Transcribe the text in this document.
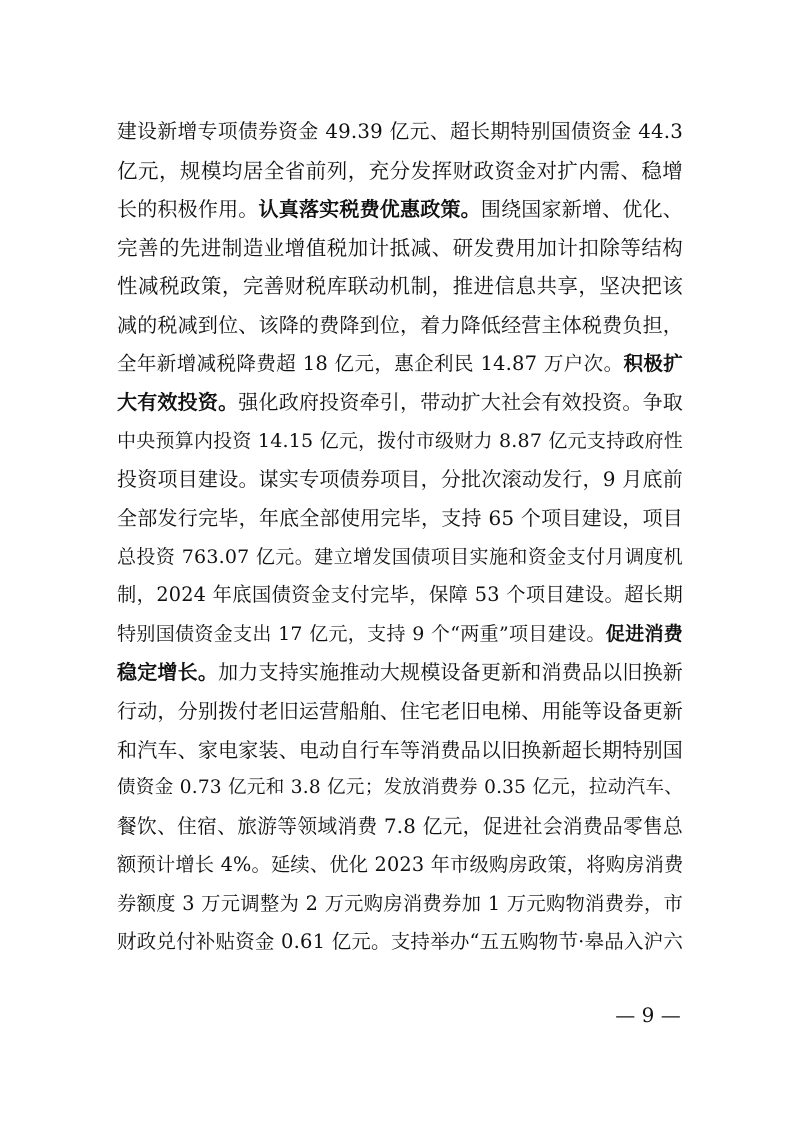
建设新增专项债券资金 49.39 亿元、超长期特别国债资金 44.3
亿元，规模均居全省前列，充分发挥财政资金对扩内需、稳增
长的积极作用。认真落实税费优惠政策。围绕国家新增、优化、
完善的先进制造业增值税加计抵减、研发费用加计扣除等结构
性减税政策，完善财税库联动机制，推进信息共享，坚决把该
减的税减到位、该降的费降到位，着力降低经营主体税费负担，
全年新增减税降费超 18 亿元，惠企利民 14.87 万户次。积极扩
大有效投资。强化政府投资牵引，带动扩大社会有效投资。争取
中央预算内投资 14.15 亿元，拨付市级财力 8.87 亿元支持政府性
投资项目建设。谋实专项债券项目，分批次滚动发行，9 月底前
全部发行完毕，年底全部使用完毕，支持 65 个项目建设，项目
总投资 763.07 亿元。建立增发国债项目实施和资金支付月调度机
制，2024 年底国债资金支付完毕，保障 53 个项目建设。超长期
特别国债资金支出 17 亿元，支持 9 个“两重”项目建设。促进消费
稳定增长。加力支持实施推动大规模设备更新和消费品以旧换新
行动，分别拨付老旧运营船舶、住宅老旧电梯、用能等设备更新
和汽车、家电家装、电动自行车等消费品以旧换新超长期特别国
债资金 0.73 亿元和 3.8 亿元；发放消费券 0.35 亿元，拉动汽车、
餐饮、住宿、旅游等领域消费 7.8 亿元，促进社会消费品零售总
额预计增长 4%。延续、优化 2023 年市级购房政策，将购房消费
券额度 3 万元调整为 2 万元购房消费券加 1 万元购物消费券，市
财政兑付补贴资金 0.61 亿元。支持举办“五五购物节·皋品入沪六
— 9 —
